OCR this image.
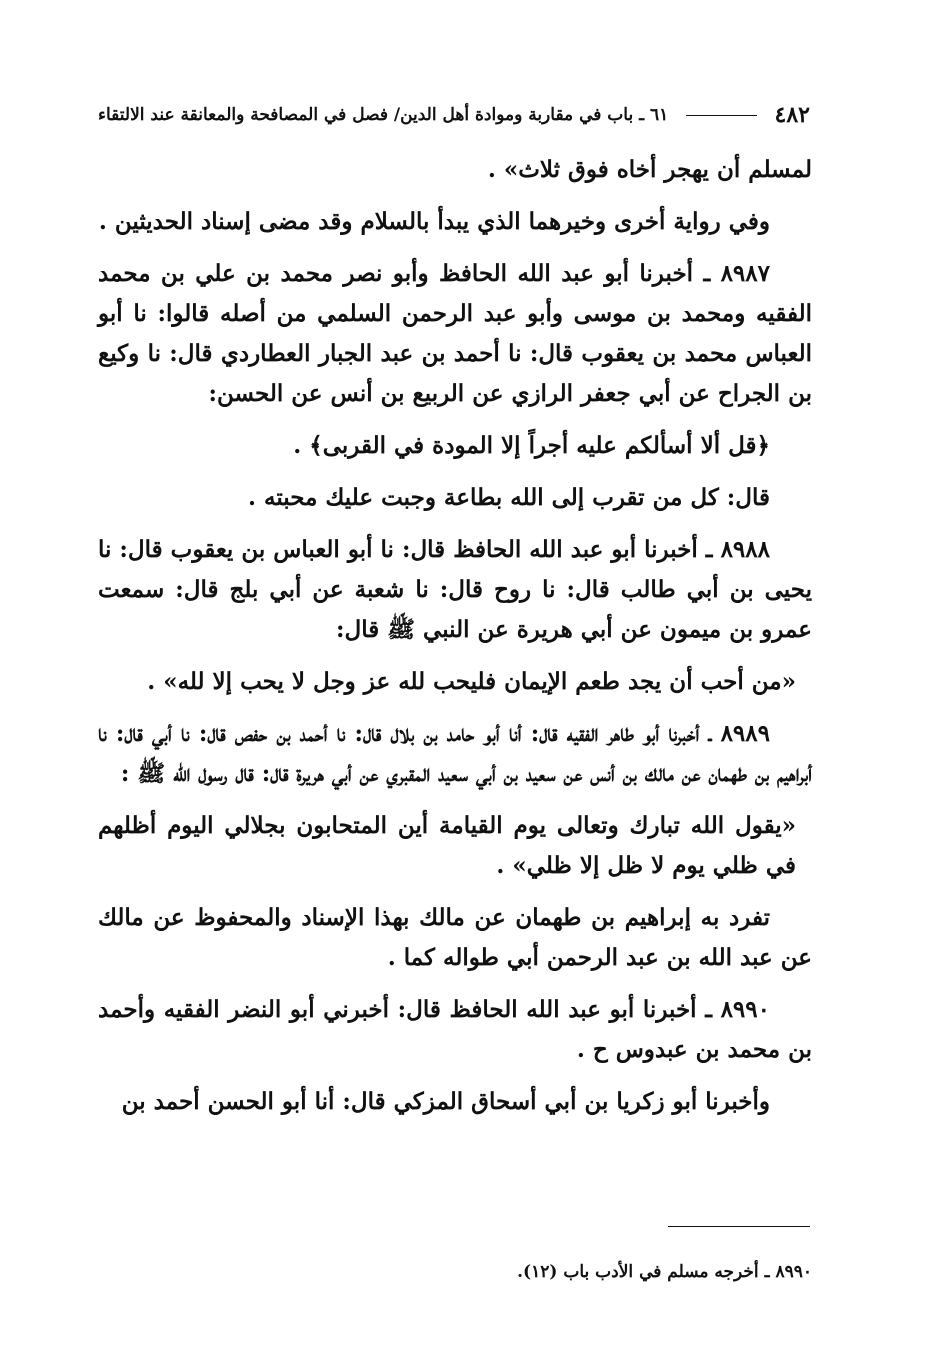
٤٨٢
٦١ ـ باب في مقاربة وموادة أهل الدين/ فصل في المصافحة والمعانقة عند الالتقاء

لمسلم أن يهجر أخاه فوق ثلاث» .

وفي رواية أخرى وخيرهما الذي يبدأ بالسلام وقد مضى إسناد الحديثين .

٨٩٨٧ ـ أخبرنا أبو عبد الله الحافظ وأبو نصر محمد بن علي بن محمد الفقيه ومحمد بن موسى وأبو عبد الرحمن السلمي من أصله قالوا: نا أبو العباس محمد بن يعقوب قال: نا أحمد بن عبد الجبار العطاردي قال: نا وكيع بن الجراح عن أبي جعفر الرازي عن الربيع بن أنس عن الحسن:

﴿قل ألا أسألكم عليه أجراً إلا المودة في القربى﴾ .

قال: كل من تقرب إلى الله بطاعة وجبت عليك محبته .

٨٩٨٨ ـ أخبرنا أبو عبد الله الحافظ قال: نا أبو العباس بن يعقوب قال: نا يحيى بن أبي طالب قال: نا روح قال: نا شعبة عن أبي بلج قال: سمعت عمرو بن ميمون عن أبي هريرة عن النبي ﷺ قال:

«من أحب أن يجد طعم الإيمان فليحب لله عز وجل لا يحب إلا لله» .

٨٩٨٩ ـ أخبرنا أبو طاهر الفقيه قال: أنا أبو حامد بن بلال قال: نا أحمد بن حفص قال: نا أبي قال: نا أبراهيم بن طهمان عن مالك بن أنس عن سعيد بن أبي سعيد المقبري عن أبي هريرة قال: قال رسول الله ﷺ :

«يقول الله تبارك وتعالى يوم القيامة أين المتحابون بجلالي اليوم أظلهم في ظلي يوم لا ظل إلا ظلي» .

تفرد به إبراهيم بن طهمان عن مالك بهذا الإسناد والمحفوظ عن مالك عن عبد الله بن عبد الرحمن أبي طواله كما .

٨٩٩٠ ـ أخبرنا أبو عبد الله الحافظ قال: أخبرني أبو النضر الفقيه وأحمد بن محمد بن عبدوس ح .

وأخبرنا أبو زكريا بن أبي أسحاق المزكي قال: أنا أبو الحسن أحمد بن

٨٩٩٠ ـ أخرجه مسلم في الأدب باب (١٢).
